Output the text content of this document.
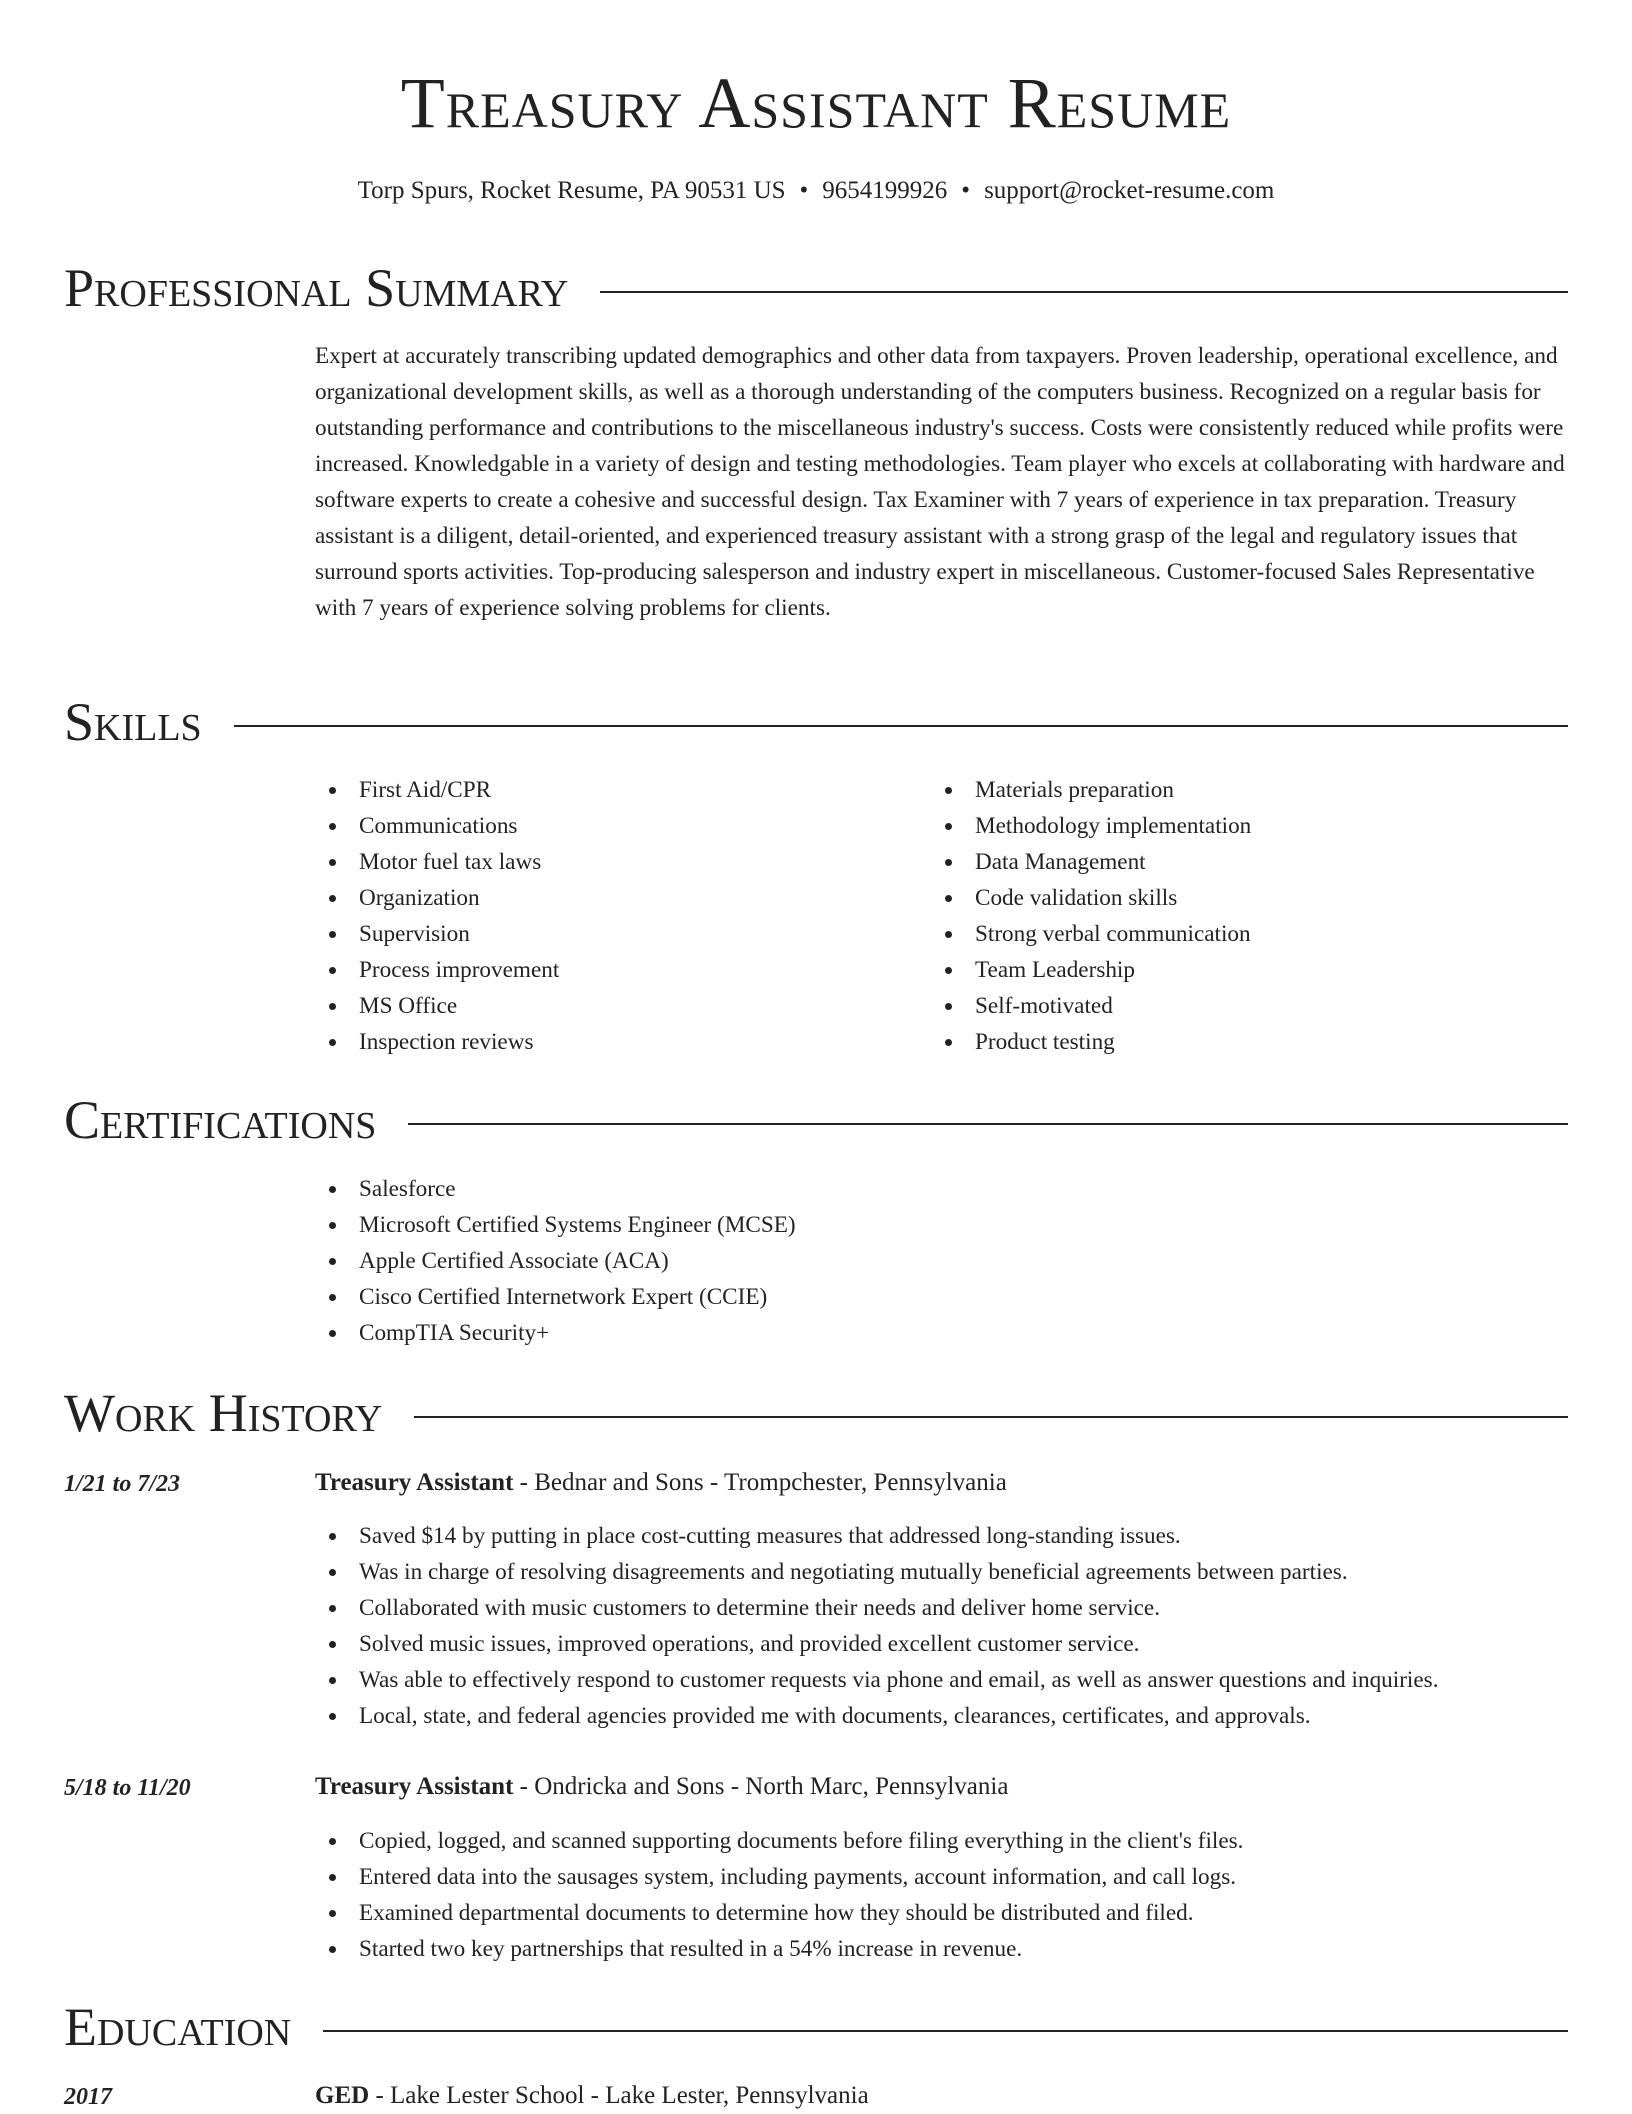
Treasury Assistant Resume
Torp Spurs, Rocket Resume, PA 90531 US • 9654199926 • support@rocket-resume.com
Professional Summary
Expert at accurately transcribing updated demographics and other data from taxpayers. Proven leadership, operational excellence, and organizational development skills, as well as a thorough understanding of the computers business. Recognized on a regular basis for outstanding performance and contributions to the miscellaneous industry's success. Costs were consistently reduced while profits were increased. Knowledgable in a variety of design and testing methodologies. Team player who excels at collaborating with hardware and software experts to create a cohesive and successful design. Tax Examiner with 7 years of experience in tax preparation. Treasury assistant is a diligent, detail-oriented, and experienced treasury assistant with a strong grasp of the legal and regulatory issues that surround sports activities. Top-producing salesperson and industry expert in miscellaneous. Customer-focused Sales Representative with 7 years of experience solving problems for clients.
Skills
First Aid/CPR
Communications
Motor fuel tax laws
Organization
Supervision
Process improvement
MS Office
Inspection reviews
Materials preparation
Methodology implementation
Data Management
Code validation skills
Strong verbal communication
Team Leadership
Self-motivated
Product testing
Certifications
Salesforce
Microsoft Certified Systems Engineer (MCSE)
Apple Certified Associate (ACA)
Cisco Certified Internetwork Expert (CCIE)
CompTIA Security+
Work History
1/21 to 7/23	Treasury Assistant - Bednar and Sons - Trompchester, Pennsylvania
Saved $14 by putting in place cost-cutting measures that addressed long-standing issues.
Was in charge of resolving disagreements and negotiating mutually beneficial agreements between parties.
Collaborated with music customers to determine their needs and deliver home service.
Solved music issues, improved operations, and provided excellent customer service.
Was able to effectively respond to customer requests via phone and email, as well as answer questions and inquiries.
Local, state, and federal agencies provided me with documents, clearances, certificates, and approvals.
5/18 to 11/20	Treasury Assistant - Ondricka and Sons - North Marc, Pennsylvania
Copied, logged, and scanned supporting documents before filing everything in the client's files.
Entered data into the sausages system, including payments, account information, and call logs.
Examined departmental documents to determine how they should be distributed and filed.
Started two key partnerships that resulted in a 54% increase in revenue.
Education
2017	GED - Lake Lester School - Lake Lester, Pennsylvania
